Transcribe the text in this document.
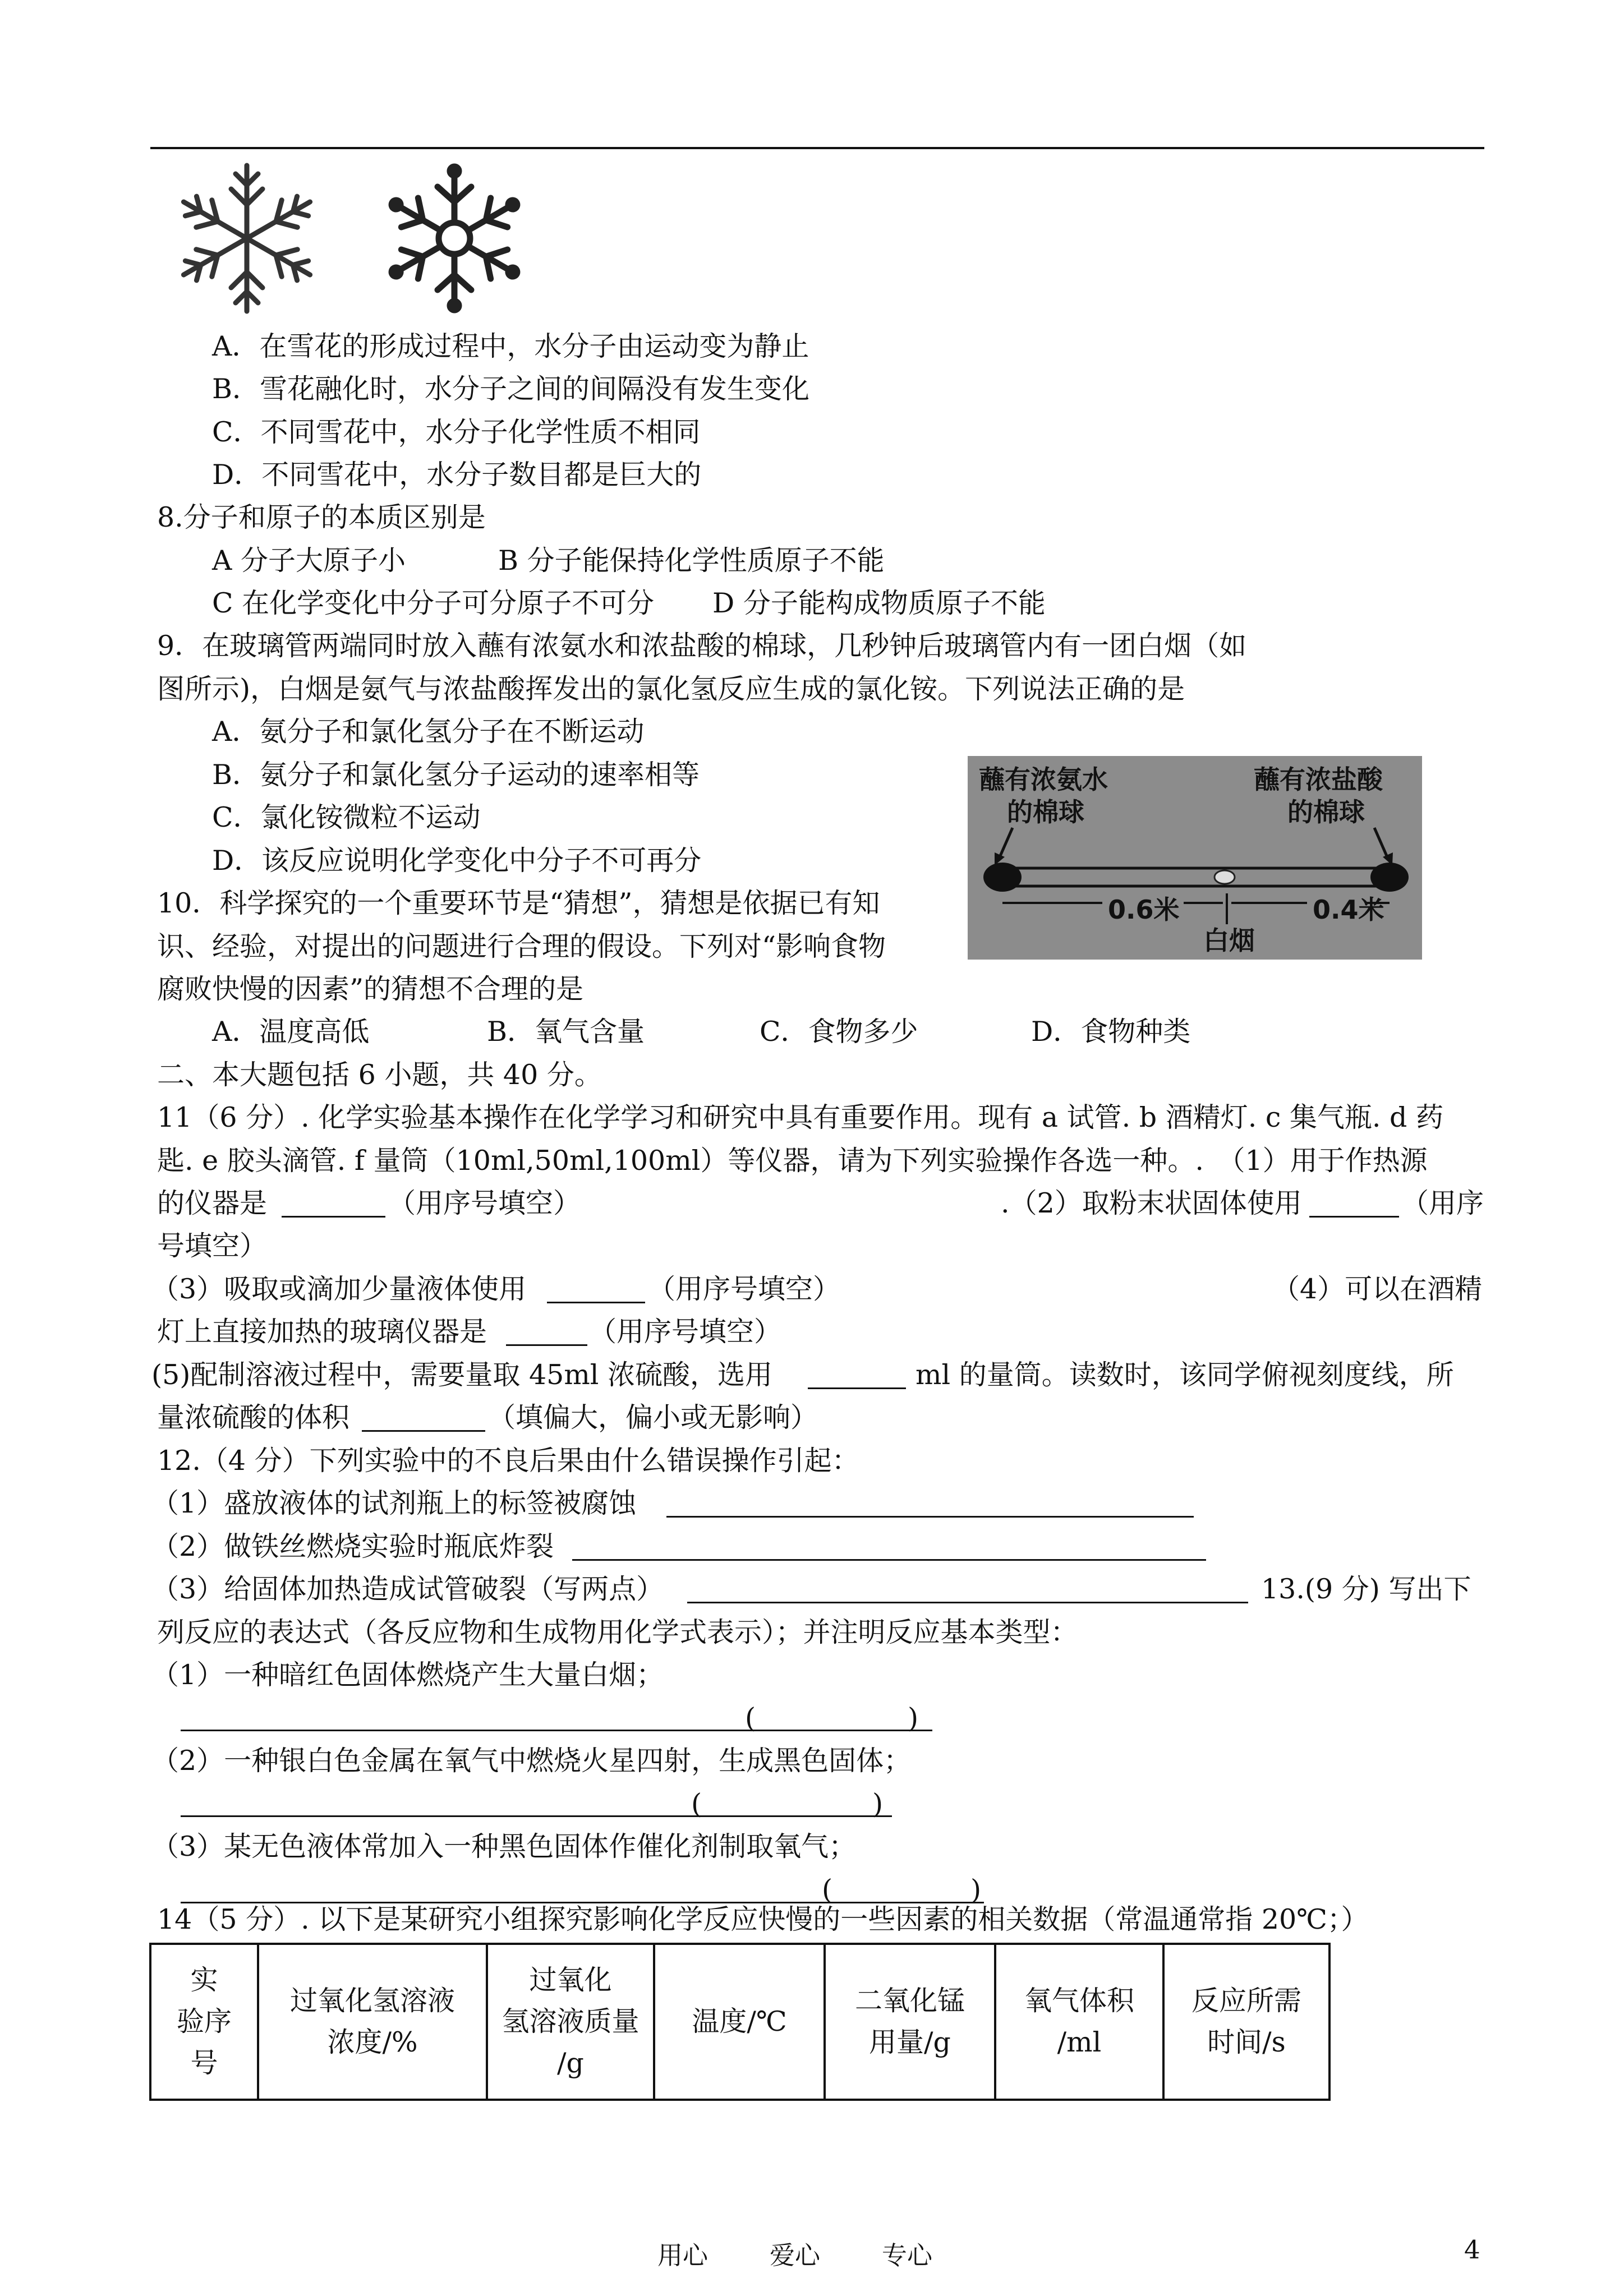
A．在雪花的形成过程中，水分子由运动变为静止
B．雪花融化时，水分子之间的间隔没有发生变化
C．不同雪花中，水分子化学性质不相同
D．不同雪花中，水分子数目都是巨大的
8.分子和原子的本质区别是
A 分子大原子小	B 分子能保持化学性质原子不能
C 在化学变化中分子可分原子不可分 D 分子能构成物质原子不能
9．在玻璃管两端同时放入蘸有浓氨水和浓盐酸的棉球，几秒钟后玻璃管内有一团白烟（如
图所示)，白烟是氨气与浓盐酸挥发出的氯化氢反应生成的氯化铵。下列说法正确的是
A．氨分子和氯化氢分子在不断运动
B．氨分子和氯化氢分子运动的速率相等
C．氯化铵微粒不运动
D．该反应说明化学变化中分子不可再分
蘸有浓氨水
的棉球
蘸有浓盐酸
的棉球
0.6米	0.4米
白烟
10．科学探究的一个重要环节是“猜想”，猜想是依据已有知
识、经验，对提出的问题进行合理的假设。下列对“影响食物
腐败快慢的因素”的猜想不合理的是
A．温度高低	B．氧气含量	C．食物多少	D．食物种类
二、本大题包括 6 小题，共 40 分。
11（6 分）. 化学实验基本操作在化学学习和研究中具有重要作用。现有 a 试管. b 酒精灯. c 集气瓶. d 药
匙. e 胶头滴管. f 量筒（10ml,50ml,100ml）等仪器，请为下列实验操作各选一种。.　（1）用于作热源
的仪器是	（用序号填空）	.（2）取粉末状固体使用	（用序
号填空）
（3）吸取或滴加少量液体使用	（用序号填空）	（4）可以在酒精
灯上直接加热的玻璃仪器是	（用序号填空）
(5)配制溶液过程中，需要量取 45ml 浓硫酸，选用	ml 的量筒。读数时，该同学俯视刻度线，所
量浓硫酸的体积	（填偏大，偏小或无影响）
12.（4 分）下列实验中的不良后果由什么错误操作引起：
（1）盛放液体的试剂瓶上的标签被腐蚀
（2）做铁丝燃烧实验时瓶底炸裂
（3）给固体加热造成试管破裂（写两点）	13.(9 分) 写出下
列反应的表达式（各反应物和生成物用化学式表示）；并注明反应基本类型：
（1）一种暗红色固体燃烧产生大量白烟；
(	)
（2）一种银白色金属在氧气中燃烧火星四射，生成黑色固体；
(	)
（3）某无色液体常加入一种黑色固体作催化剂制取氧气；
(	)
14（5 分）. 以下是某研究小组探究影响化学反应快慢的一些因素的相关数据（常温通常指 20℃；）
实
验序
号	过氧化氢溶液
浓度/%	过氧化
氢溶液质量
/g	温度/℃	二氧化锰
用量/g	氧气体积
/ml	反应所需
时间/s
用心 爱心 专心	4
